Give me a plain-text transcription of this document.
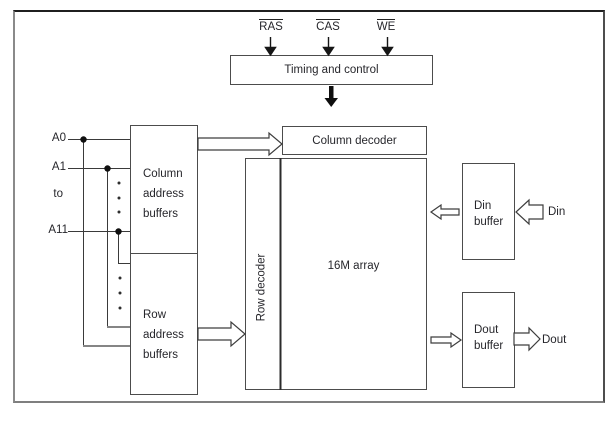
RAS	CAS	WE
Timing and control
Column decoder
Row decoder	16M array
Column
address
buffers
Row
address
buffers
Din
buffer
Dout
buffer
A0
A1
to
A11
Din
Dout
